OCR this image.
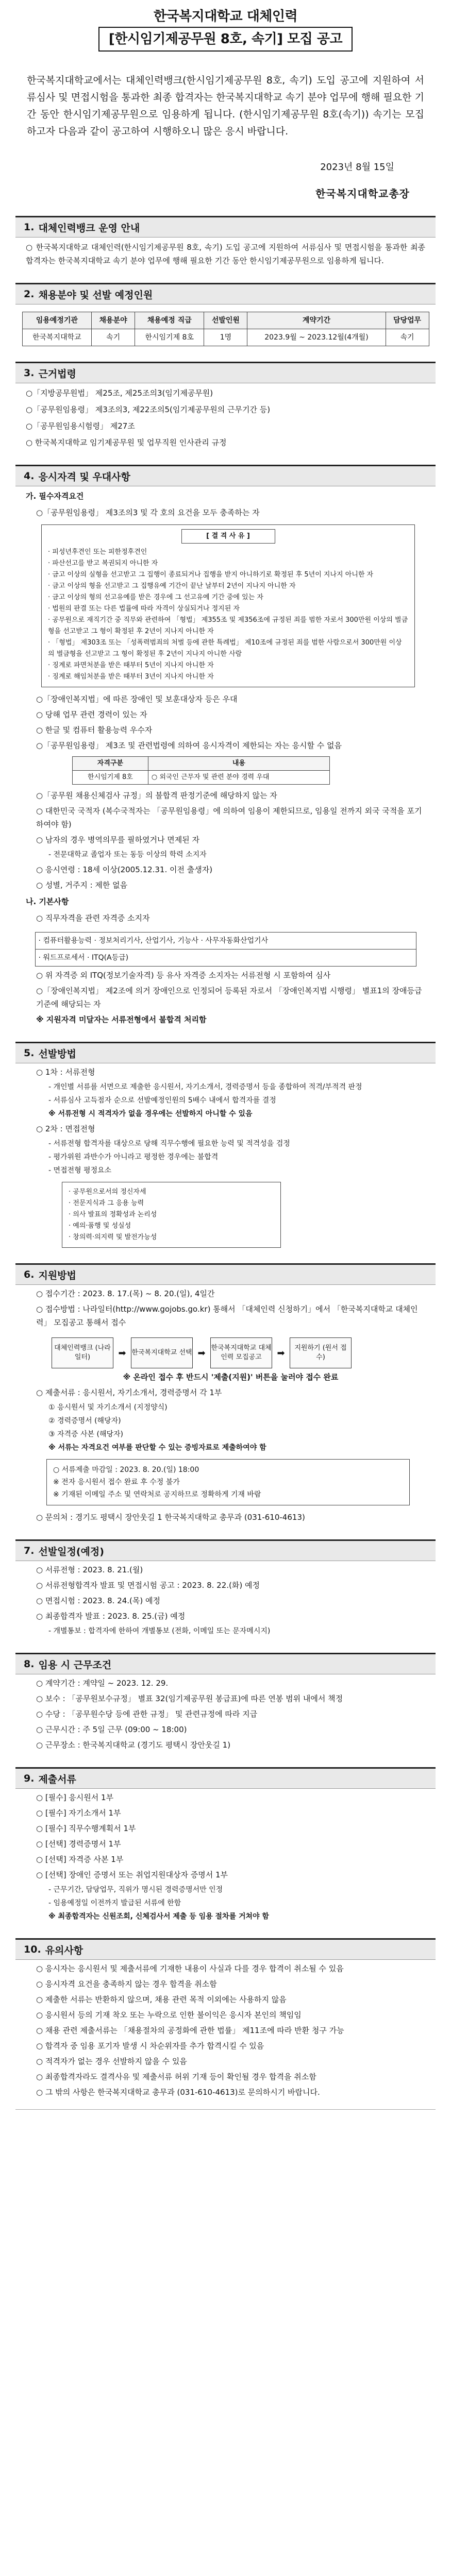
한국복지대학교 대체인력
[한시임기제공무원 8호, 속기] 모집 공고
한국복지대학교에서는 대체인력뱅크(한시임기제공무원 8호, 속기) 도입 공고에 지원하여 서류심사 및 면접시험을 통과한 최종 합격자는 한국복지대학교 속기 분야 업무에 행해 필요한 기간 동안 한시임기제공무원으로 임용하게 됩니다. (한시임기제공무원 8호(속기)) 속기는 모집하고자 다음과 같이 공고하여 시행하오니 많은 응시 바랍니다.
2023년 8월 15일
한국복지대학교총장
1. 대체인력뱅크 운영 안내
○ 한국복지대학교 대체인력(한시임기제공무원 8호, 속기) 도입 공고에 지원하여 서류심사 및 면접시험을 통과한 최종 합격자는 한국복지대학교 속기 분야 업무에 행해 필요한 기간 동안 한시임기제공무원으로 임용하게 됩니다.
2. 채용분야 및 선발 예정인원
임용예정기관	채용분야	채용예정 직급	선발인원	계약기간	담당업무
한국복지대학교	속기	한시임기제 8호	1명	2023.9월 ~ 2023.12월(4개월)	속기
3. 근거법령
○「지방공무원법」 제25조, 제25조의3(임기제공무원)
○「공무원임용령」 제3조의3, 제22조의5(임기제공무원의 근무기간 등)
○「공무원임용시험령」 제27조
○ 한국복지대학교 임기제공무원 및 업무직원 인사관리 규정
4. 응시자격 및 우대사항
가. 필수자격요건
○「공무원임용령」 제3조의3 및 각 호의 요건을 모두 충족하는 자
[ 결 격 사 유 ]
· 피성년후견인 또는 피한정후견인
· 파산선고를 받고 복권되지 아니한 자
· 금고 이상의 실형을 선고받고 그 집행이 종료되거나 집행을 받지 아니하기로 확정된 후 5년이 지나지 아니한 자
· 금고 이상의 형을 선고받고 그 집행유예 기간이 끝난 날부터 2년이 지나지 아니한 자
· 금고 이상의 형의 선고유예를 받은 경우에 그 선고유예 기간 중에 있는 자
· 법원의 판결 또는 다른 법률에 따라 자격이 상실되거나 정지된 자
· 공무원으로 재직기간 중 직무와 관련하여 「형법」 제355조 및 제356조에 규정된 죄를 범한 자로서 300만원 이상의 벌금형을 선고받고 그 형이 확정된 후 2년이 지나지 아니한 자
· 「형법」 제303조 또는 「성폭력범죄의 처벌 등에 관한 특례법」 제10조에 규정된 죄를 범한 사람으로서 300만원 이상의 벌금형을 선고받고 그 형이 확정된 후 2년이 지나지 아니한 사람
· 징계로 파면처분을 받은 때부터 5년이 지나지 아니한 자
· 징계로 해임처분을 받은 때부터 3년이 지나지 아니한 자
○「장애인복지법」에 따른 장애인 및 보훈대상자 등은 우대
○ 당해 업무 관련 경력이 있는 자
○ 한글 및 컴퓨터 활용능력 우수자
○「공무원임용령」 제3조 및 관련법령에 의하여 응시자격이 제한되는 자는 응시할 수 없음
자격구분	내용
한시임기제 8호	○ 외국인 근무자 및 관련 분야 경력 우대
○「공무원 채용신체검사 규정」의 불합격 판정기준에 해당하지 않는 자
○ 대한민국 국적자 (복수국적자는 「공무원임용령」에 의하여 임용이 제한되므로, 임용일 전까지 외국 국적을 포기하여야 함)
○ 남자의 경우 병역의무를 필하였거나 면제된 자
- 전문대학교 졸업자 또는 동등 이상의 학력 소지자
○ 응시연령 : 18세 이상(2005.12.31. 이전 출생자)
○ 성별, 거주지 : 제한 없음
나. 기본사항
○ 직무자격을 관련 자격증 소지자
· 컴퓨터활용능력 · 정보처리기사, 산업기사, 기능사 · 사무자동화산업기사
· 워드프로세서 · ITQ(A등급)
○ 위 자격증 외 ITQ(정보기술자격) 등 유사 자격증 소지자는 서류전형 시 포함하여 심사
○「장애인복지법」 제2조에 의거 장애인으로 인정되어 등록된 자로서 「장애인복지법 시행령」 별표1의 장애등급 기준에 해당되는 자
※ 지원자격 미달자는 서류전형에서 불합격 처리함
5. 선발방법
○ 1차 : 서류전형
- 개인별 서류를 서면으로 제출한 응시원서, 자기소개서, 경력증명서 등을 종합하여 적격/부적격 판정
- 서류심사 고득점자 순으로 선발예정인원의 5배수 내에서 합격자를 결정
※ 서류전형 시 적격자가 없을 경우에는 선발하지 아니할 수 있음
○ 2차 : 면접전형
- 서류전형 합격자를 대상으로 당해 직무수행에 필요한 능력 및 적격성을 검정
- 평가위원 과반수가 아니라고 평정한 경우에는 불합격
- 면접전형 평정요소
· 공무원으로서의 정신자세
· 전문지식과 그 응용 능력
· 의사 발표의 정확성과 논리성
· 예의·품행 및 성실성
· 창의력·의지력 및 발전가능성
6. 지원방법
○ 접수기간 : 2023. 8. 17.(목) ~ 8. 20.(일), 4일간
○ 접수방법 : 나라일터(http://www.gojobs.go.kr) 통해서 「대체인력 신청하기」에서 「한국복지대학교 대체인력」 모집공고 통해서 접수
대체인력뱅크 (나라일터)	➡ 한국복지대학교 선택 ➡ 한국복지대학교 대체인력 모집공고	➡	지원하기 (원서 접수)
※ 온라인 접수 후 반드시 '제출(지원)' 버튼을 눌러야 접수 완료
○ 제출서류 : 응시원서, 자기소개서, 경력증명서 각 1부
① 응시원서 및 자기소개서 (지정양식)
② 경력증명서 (해당자)
③ 자격증 사본 (해당자)
※ 서류는 자격요건 여부를 판단할 수 있는 증빙자료로 제출하여야 함
○ 서류제출 마감일 : 2023. 8. 20.(일) 18:00
※ 전자 응시원서 접수 완료 후 수정 불가
※ 기재된 이메일 주소 및 연락처로 공지하므로 정확하게 기재 바람
○ 문의처 : 경기도 평택시 장안웃길 1 한국복지대학교 총무과 (031-610-4613)
7. 선발일정(예정)
○ 서류전형 : 2023. 8. 21.(월)
○ 서류전형합격자 발표 및 면접시험 공고 : 2023. 8. 22.(화) 예정
○ 면접시험 : 2023. 8. 24.(목) 예정
○ 최종합격자 발표 : 2023. 8. 25.(금) 예정
- 개별통보 : 합격자에 한하여 개별통보 (전화, 이메일 또는 문자메시지)
8. 임용 시 근무조건
○ 계약기간 : 계약일 ~ 2023. 12. 29.
○ 보수 : 「공무원보수규정」 별표 32(임기제공무원 봉급표)에 따른 연봉 범위 내에서 책정
○ 수당 : 「공무원수당 등에 관한 규정」 및 관련규정에 따라 지급
○ 근무시간 : 주 5일 근무 (09:00 ~ 18:00)
○ 근무장소 : 한국복지대학교 (경기도 평택시 장안웃길 1)
9. 제출서류
○ [필수] 응시원서 1부
○ [필수] 자기소개서 1부
○ [필수] 직무수행계획서 1부
○ [선택] 경력증명서 1부
○ [선택] 자격증 사본 1부
○ [선택] 장애인 증명서 또는 취업지원대상자 증명서 1부
- 근무기간, 담당업무, 직위가 명시된 경력증명서만 인정
- 임용예정일 이전까지 발급된 서류에 한함
※ 최종합격자는 신원조회, 신체검사서 제출 등 임용 절차를 거쳐야 함
10. 유의사항
○ 응시자는 응시원서 및 제출서류에 기재한 내용이 사실과 다를 경우 합격이 취소될 수 있음
○ 응시자격 요건을 충족하지 않는 경우 합격을 취소함
○ 제출한 서류는 반환하지 않으며, 채용 관련 목적 이외에는 사용하지 않음
○ 응시원서 등의 기재 착오 또는 누락으로 인한 불이익은 응시자 본인의 책임임
○ 채용 관련 제출서류는 「채용절차의 공정화에 관한 법률」 제11조에 따라 반환 청구 가능
○ 합격자 중 임용 포기자 발생 시 차순위자를 추가 합격시킬 수 있음
○ 적격자가 없는 경우 선발하지 않을 수 있음
○ 최종합격자라도 결격사유 및 제출서류 허위 기재 등이 확인될 경우 합격을 취소함
○ 그 밖의 사항은 한국복지대학교 총무과 (031-610-4613)로 문의하시기 바랍니다.
